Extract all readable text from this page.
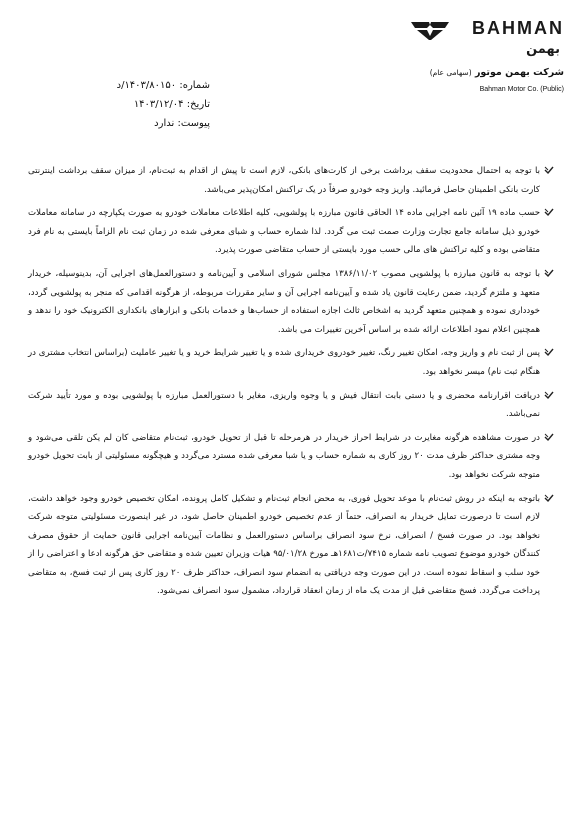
BAHMAN
بهمن
شرکت بهمن موتور (سهامی عام)
Bahman Motor Co. (Public)
شماره: ۱۴۰۳/۸۰۱۵۰/د
تاریخ: ۱۴۰۳/۱۲/۰۴
پیوست: ندارد
با توجه به احتمال محدودیت سقف برداشت برخی از کارت‌های بانکی، لازم است تا پیش از اقدام به ثبت‌نام، از میزان سقف برداشت اینترنتی کارت بانکی اطمینان حاصل فرمائید. واریز وجه خودرو صرفاً در یک تراکنش امکان‌پذیر می‌باشد.
حسب ماده ۱۹ آئین نامه اجرایی ماده ۱۴ الحاقی قانون مبارزه با پولشویی، کلیه اطلاعات معاملات خودرو به صورت یکپارچه در سامانه معاملات خودرو ذیل سامانه جامع تجارت وزارت صمت ثبت می گردد. لذا شماره حساب و شبای معرفی شده در زمان ثبت نام الزاماً بایستی به نام فرد متقاضی بوده و کلیه تراکنش های مالی حسب مورد بایستی از حساب متقاضی صورت پذیرد.
با توجه به قانون مبارزه با پولشویی مصوب ۱۳۸۶/۱۱/۰۲ مجلس شورای اسلامی و آیین‌نامه و دستورالعمل‌های اجرایی آن، بدینوسیله، خریدار متعهد و ملتزم گردید، ضمن رعایت قانون یاد شده و آیین‌نامه اجرایی آن و سایر مقررات مربوطه، از هرگونه اقدامی که منجر به پولشویی گردد، خودداری نموده و همچنین متعهد گردید به اشخاص ثالث اجازه استفاده از حساب‌ها و خدمات بانکی و ابزارهای بانکداری الکترونیک خود را ندهد و همچنین اعلام نمود اطلاعات ارائه شده بر اساس آخرین تغییرات می باشد.
پس از ثبت نام و واریز وجه، امکان تغییر رنگ، تغییر خودروی خریداری شده و یا تغییر شرایط خرید و یا تغییر عاملیت (براساس انتخاب مشتری در هنگام ثبت نام) میسر نخواهد بود.
دریافت اقرارنامه محضری و یا دستی بابت انتقال فیش و یا وجوه واریزی، مغایر با دستورالعمل مبارزه با پولشویی بوده و مورد تأیید شرکت نمی‌باشد.
در صورت مشاهده هرگونه مغایرت در شرایط احراز خریدار در هرمرحله تا قبل از تحویل خودرو، ثبت‌نام متقاضی کان لم یکن تلقی می‌شود و وجه مشتری حداکثر ظرف مدت ۲۰ روز کاری به شماره حساب و یا شبا معرفی شده مسترد می‌گردد و هیچگونه مسئولیتی از بابت تحویل خودرو متوجه شرکت نخواهد بود.
باتوجه به اینکه در روش ثبت‌نام با موعد تحویل فوری، به محض انجام ثبت‌نام و تشکیل کامل پرونده، امکان تخصیص خودرو وجود خواهد داشت، لازم است تا درصورت تمایل خریدار به انصراف، حتماً از عدم تخصیص خودرو اطمینان حاصل شود، در غیر اینصورت مسئولیتی متوجه شرکت نخواهد بود. در صورت فسخ / انصراف، نرخ سود انصراف براساس دستورالعمل و نظامات آیین‌نامه اجرایی قانون حمایت از حقوق مصرف کنندگان خودرو موضوع تصویب نامه شماره ۷۴۱۵/ت۱۶۸۱هـ مورخ ۹۵/۰۱/۲۸ هیات وزیران تعیین شده و متقاضی حق هرگونه ادعا و اعتراضی را از خود سلب و اسقاط نموده است. در این صورت وجه دریافتی به انضمام سود انصراف، حداکثر ظرف ۲۰ روز کاری پس از ثبت فسخ، به متقاضی پرداخت می‌گردد. فسخ متقاضی قبل از مدت یک ماه از زمان انعقاد قرارداد، مشمول سود انصراف نمی‌شود.
